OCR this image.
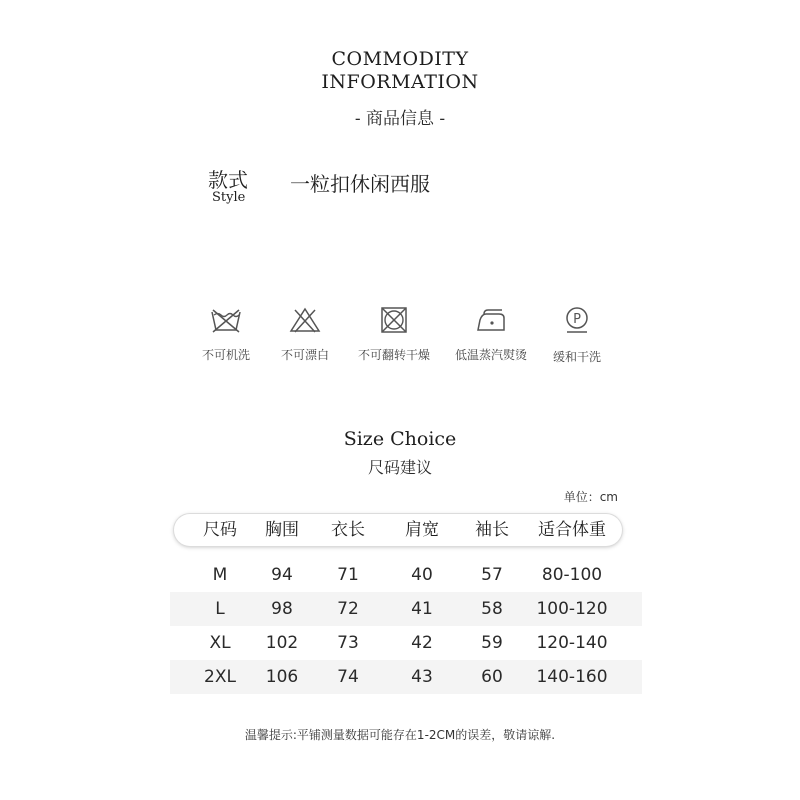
COMMODITY
INFORMATION
- 商品信息 -
款式
Style
一粒扣休闲西服
不可机洗	不可漂白	不可翻转干燥	低温蒸汽熨烫
P
缓和干洗
Size Choice
尺码建议
单位：cm
尺码	胸围	衣长	肩宽	袖长	适合体重
M	94	71	40	57	80-100
L	98	72	41	58	100-120
XL	102	73	42	59	120-140
2XL	106	74	43	60	140-160
温馨提示:平铺测量数据可能存在1-2CM的误差，敬请谅解.
